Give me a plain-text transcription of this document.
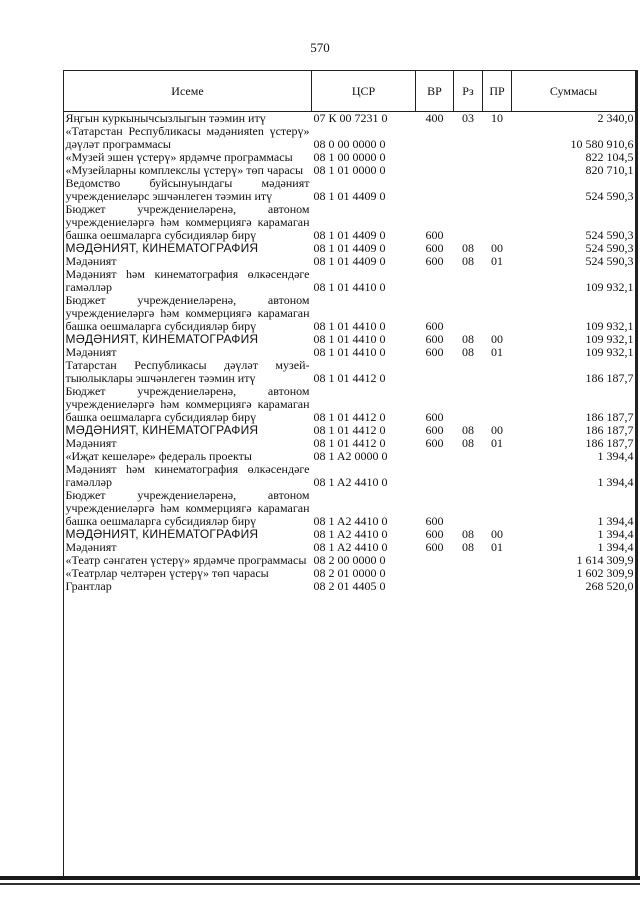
570
Исеме	ЦСР	ВР	Рз	ПР	Суммасы
Яңгын куркынычсызлыгын тәэмин итү	07 К 00 7231 0	400	03	10	2 340,0
«Татарстан Республикасы мәдәнияten үстерү» дәүләт программасы	08 0 00 0000 0				10 580 910,6
«Музей эшен үстерү» ярдәмче программасы	08 1 00 0000 0				822 104,5
«Музейларны комплекслы үстерү» төп чарасы	08 1 01 0000 0				820 710,1
Ведомство буйсынуындагы мәдәният учреждениеләрс эшчәнлеген тәэмин итү	08 1 01 4409 0				524 590,3
Бюджет учреждениеләренә, автоном учреждениеләргә һәм коммерциягә карамаган башка оешмаларга субсидияләр бирү	08 1 01 4409 0	600			524 590,3
МӘДӘНИЯТ, КИНЕМАТОГРАФИЯ	08 1 01 4409 0	600	08	00	524 590,3
Мәдәният	08 1 01 4409 0	600	08	01	524 590,3
Мәдәният һәм кинематография өлкәсендәге гамәлләр	08 1 01 4410 0				109 932,1
Бюджет учреждениеләренә, автоном учреждениеләргә һәм коммерциягә карамаган башка оешмаларга субсидияләр бирү	08 1 01 4410 0	600			109 932,1
МӘДӘНИЯТ, КИНЕМАТОГРАФИЯ	08 1 01 4410 0	600	08	00	109 932,1
Мәдәният	08 1 01 4410 0	600	08	01	109 932,1
Татарстан Республикасы дәүләт музей-тыюлыклары эшчәнлеген тәэмин итү	08 1 01 4412 0				186 187,7
Бюджет учреждениеләренә, автоном учреждениеләргә һәм коммерциягә карамаган башка оешмаларга субсидияләр бирү	08 1 01 4412 0	600			186 187,7
МӘДӘНИЯТ, КИНЕМАТОГРАФИЯ	08 1 01 4412 0	600	08	00	186 187,7
Мәдәният	08 1 01 4412 0	600	08	01	186 187,7
«Иҗат кешеләре» федераль проекты	08 1 A2 0000 0				1 394,4
Мәдәният һәм кинематография өлкәсендәге гамәлләр	08 1 A2 4410 0				1 394,4
Бюджет учреждениеләренә, автоном учреждениеләргә һәм коммерциягә карамаган башка оешмаларга субсидияләр бирү	08 1 A2 4410 0	600			1 394,4
МӘДӘНИЯТ, КИНЕМАТОГРАФИЯ	08 1 A2 4410 0	600	08	00	1 394,4
Мәдәният	08 1 A2 4410 0	600	08	01	1 394,4
«Театр сәнгатен үстерү» ярдәмче программасы	08 2 00 0000 0				1 614 309,9
«Театрлар челтәрен үстерү» төп чарасы	08 2 01 0000 0				1 602 309,9
Грантлар	08 2 01 4405 0				268 520,0
